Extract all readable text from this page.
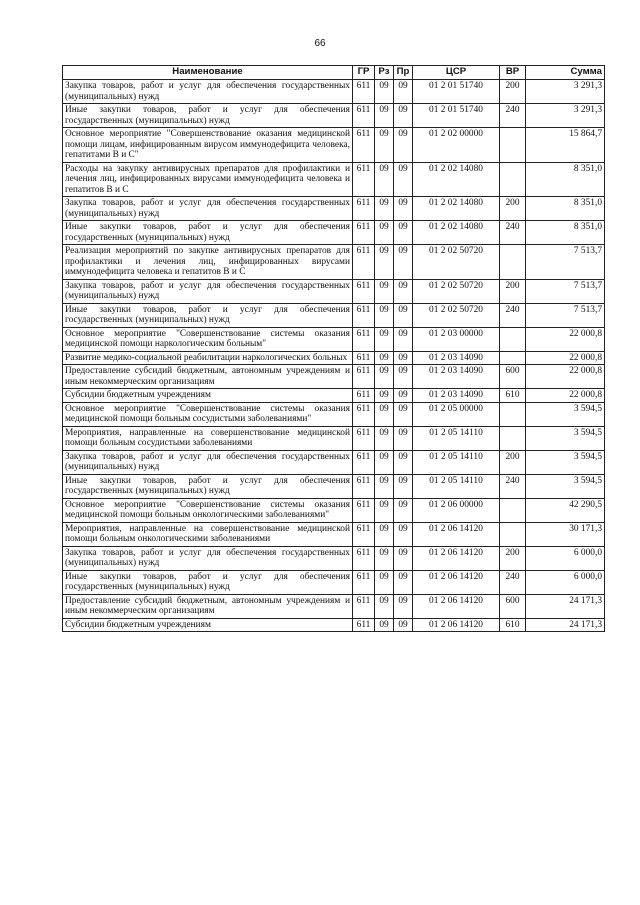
66
Наименование	ГР	Рз	Пр	ЦСР	ВР	Сумма
Закупка товаров, работ и услуг для обеспечения государственных (муниципальных) нужд	611	09	09	01 2 01 51740	200	3 291,3
Иные закупки товаров, работ и услуг для обеспечения государственных (муниципальных) нужд	611	09	09	01 2 01 51740	240	3 291,3
Основное мероприятие "Совершенствование оказания медицинской помощи лицам, инфицированным вирусом иммунодефицита человека, гепатитами В и С"	611	09	09	01 2 02 00000		15 864,7
Расходы на закупку антивирусных препаратов для профилактики и лечения лиц, инфицированных вирусами иммунодефицита человека и гепатитов В и С	611	09	09	01 2 02 14080		8 351,0
Закупка товаров, работ и услуг для обеспечения государственных (муниципальных) нужд	611	09	09	01 2 02 14080	200	8 351,0
Иные закупки товаров, работ и услуг для обеспечения государственных (муниципальных) нужд	611	09	09	01 2 02 14080	240	8 351,0
Реализация мероприятий по закупке антивирусных препаратов для профилактики и лечения лиц, инфицированных вирусами иммунодефицита человека и гепатитов В и С	611	09	09	01 2 02 50720		7 513,7
Закупка товаров, работ и услуг для обеспечения государственных (муниципальных) нужд	611	09	09	01 2 02 50720	200	7 513,7
Иные закупки товаров, работ и услуг для обеспечения государственных (муниципальных) нужд	611	09	09	01 2 02 50720	240	7 513,7
Основное мероприятие "Совершенствование системы оказания медицинской помощи наркологическим больным"	611	09	09	01 2 03 00000		22 000,8
Развитие медико-социальной реабилитации наркологических больных	611	09	09	01 2 03 14090		22 000,8
Предоставление субсидий бюджетным, автономным учреждениям и иным некоммерческим организациям	611	09	09	01 2 03 14090	600	22 000,8
Субсидии бюджетным учреждениям	611	09	09	01 2 03 14090	610	22 000,8
Основное мероприятие "Совершенствование системы оказания медицинской помощи больным сосудистыми заболеваниями"	611	09	09	01 2 05 00000		3 594,5
Мероприятия, направленные на совершенствование медицинской помощи больным сосудистыми заболеваниями	611	09	09	01 2 05 14110		3 594,5
Закупка товаров, работ и услуг для обеспечения государственных (муниципальных) нужд	611	09	09	01 2 05 14110	200	3 594,5
Иные закупки товаров, работ и услуг для обеспечения государственных (муниципальных) нужд	611	09	09	01 2 05 14110	240	3 594,5
Основное мероприятие "Совершенствование системы оказания медицинской помощи больным онкологическими заболеваниями"	611	09	09	01 2 06 00000		42 290,5
Мероприятия, направленные на совершенствование медицинской помощи больным онкологическими заболеваниями	611	09	09	01 2 06 14120		30 171,3
Закупка товаров, работ и услуг для обеспечения государственных (муниципальных) нужд	611	09	09	01 2 06 14120	200	6 000,0
Иные закупки товаров, работ и услуг для обеспечения государственных (муниципальных) нужд	611	09	09	01 2 06 14120	240	6 000,0
Предоставление субсидий бюджетным, автономным учреждениям и иным некоммерческим организациям	611	09	09	01 2 06 14120	600	24 171,3
Субсидии бюджетным учреждениям	611	09	09	01 2 06 14120	610	24 171,3
